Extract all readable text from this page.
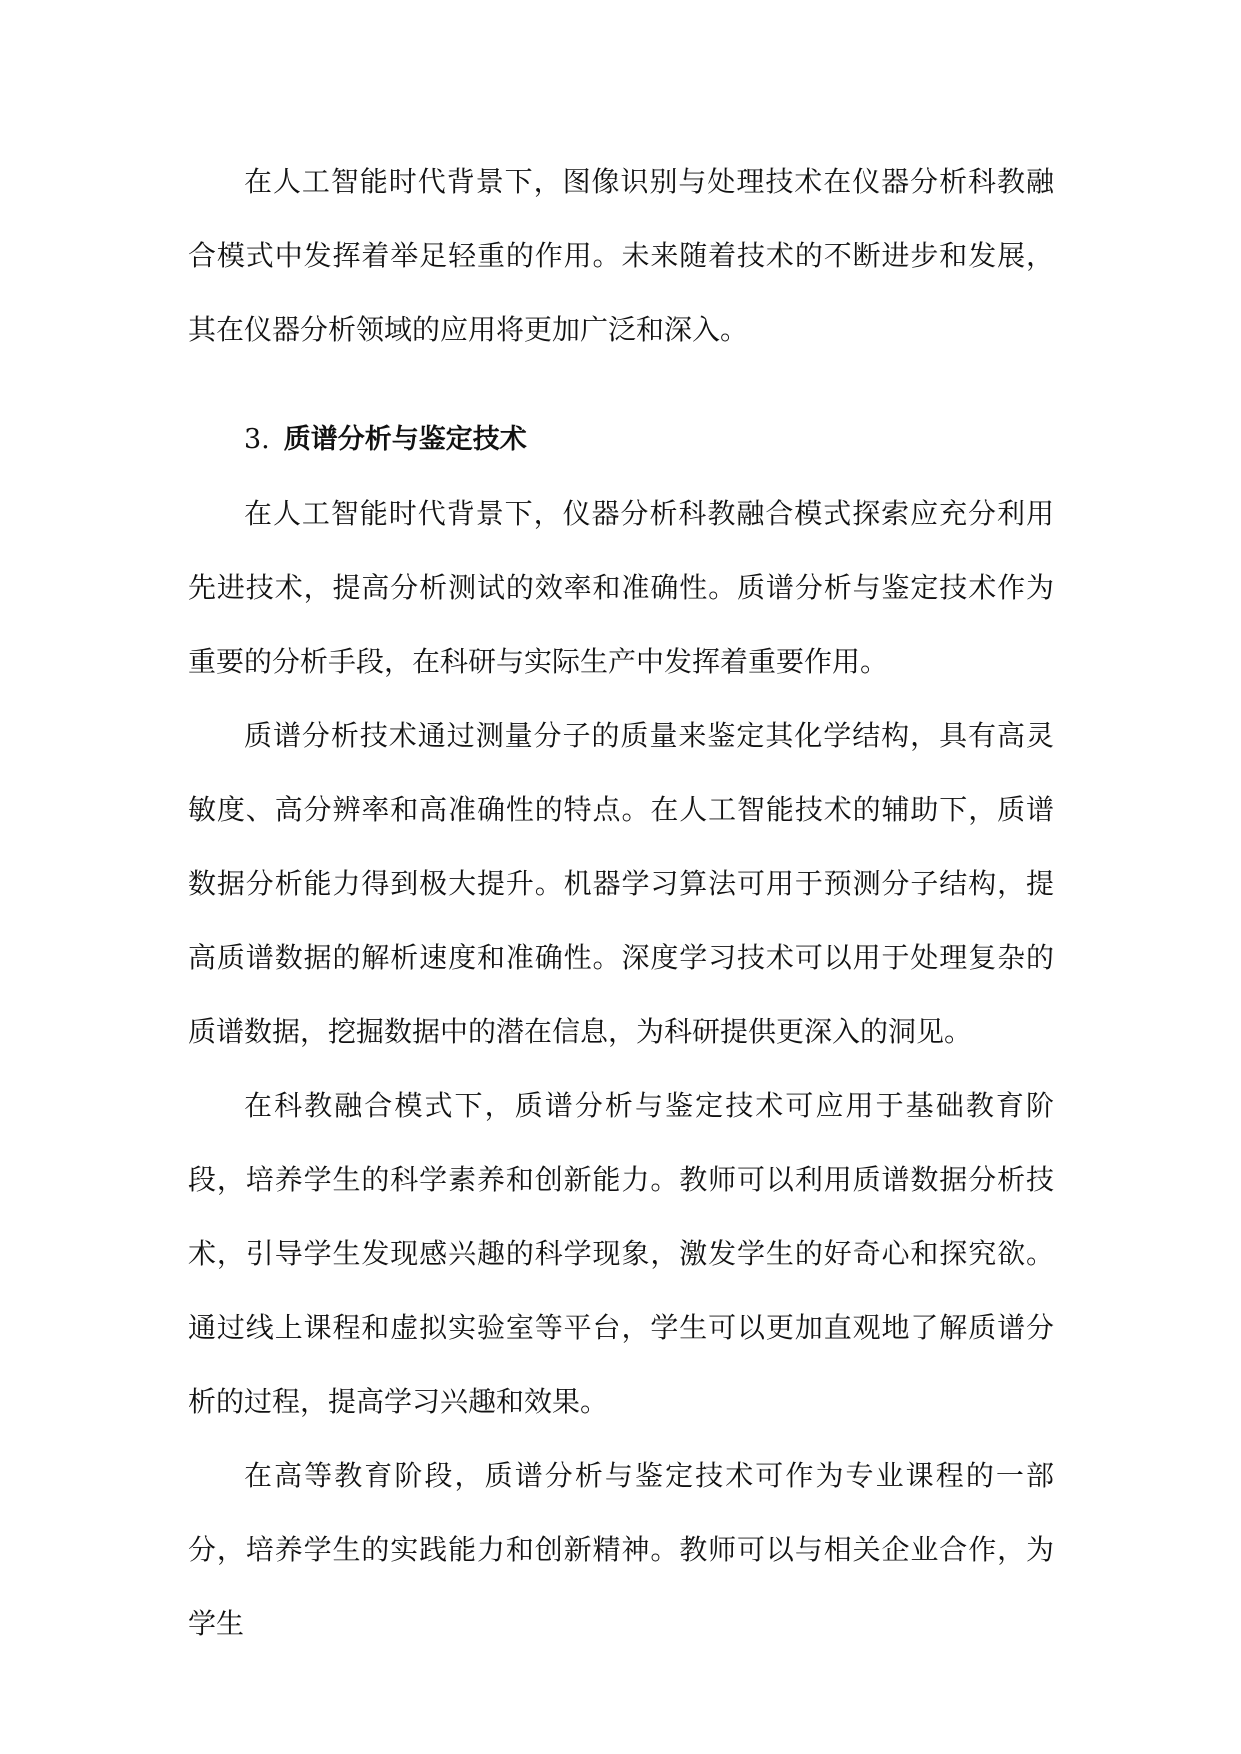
在人工智能时代背景下，图像识别与处理技术在仪器分析科教融合模式中发挥着举足轻重的作用。未来随着技术的不断进步和发展，其在仪器分析领域的应用将更加广泛和深入。

3. 质谱分析与鉴定技术

在人工智能时代背景下，仪器分析科教融合模式探索应充分利用先进技术，提高分析测试的效率和准确性。质谱分析与鉴定技术作为重要的分析手段，在科研与实际生产中发挥着重要作用。

质谱分析技术通过测量分子的质量来鉴定其化学结构，具有高灵敏度、高分辨率和高准确性的特点。在人工智能技术的辅助下，质谱数据分析能力得到极大提升。机器学习算法可用于预测分子结构，提高质谱数据的解析速度和准确性。深度学习技术可以用于处理复杂的质谱数据，挖掘数据中的潜在信息，为科研提供更深入的洞见。

在科教融合模式下，质谱分析与鉴定技术可应用于基础教育阶段，培养学生的科学素养和创新能力。教师可以利用质谱数据分析技术，引导学生发现感兴趣的科学现象，激发学生的好奇心和探究欲。通过线上课程和虚拟实验室等平台，学生可以更加直观地了解质谱分析的过程，提高学习兴趣和效果。

在高等教育阶段，质谱分析与鉴定技术可作为专业课程的一部分，培养学生的实践能力和创新精神。教师可以与相关企业合作，为学生
